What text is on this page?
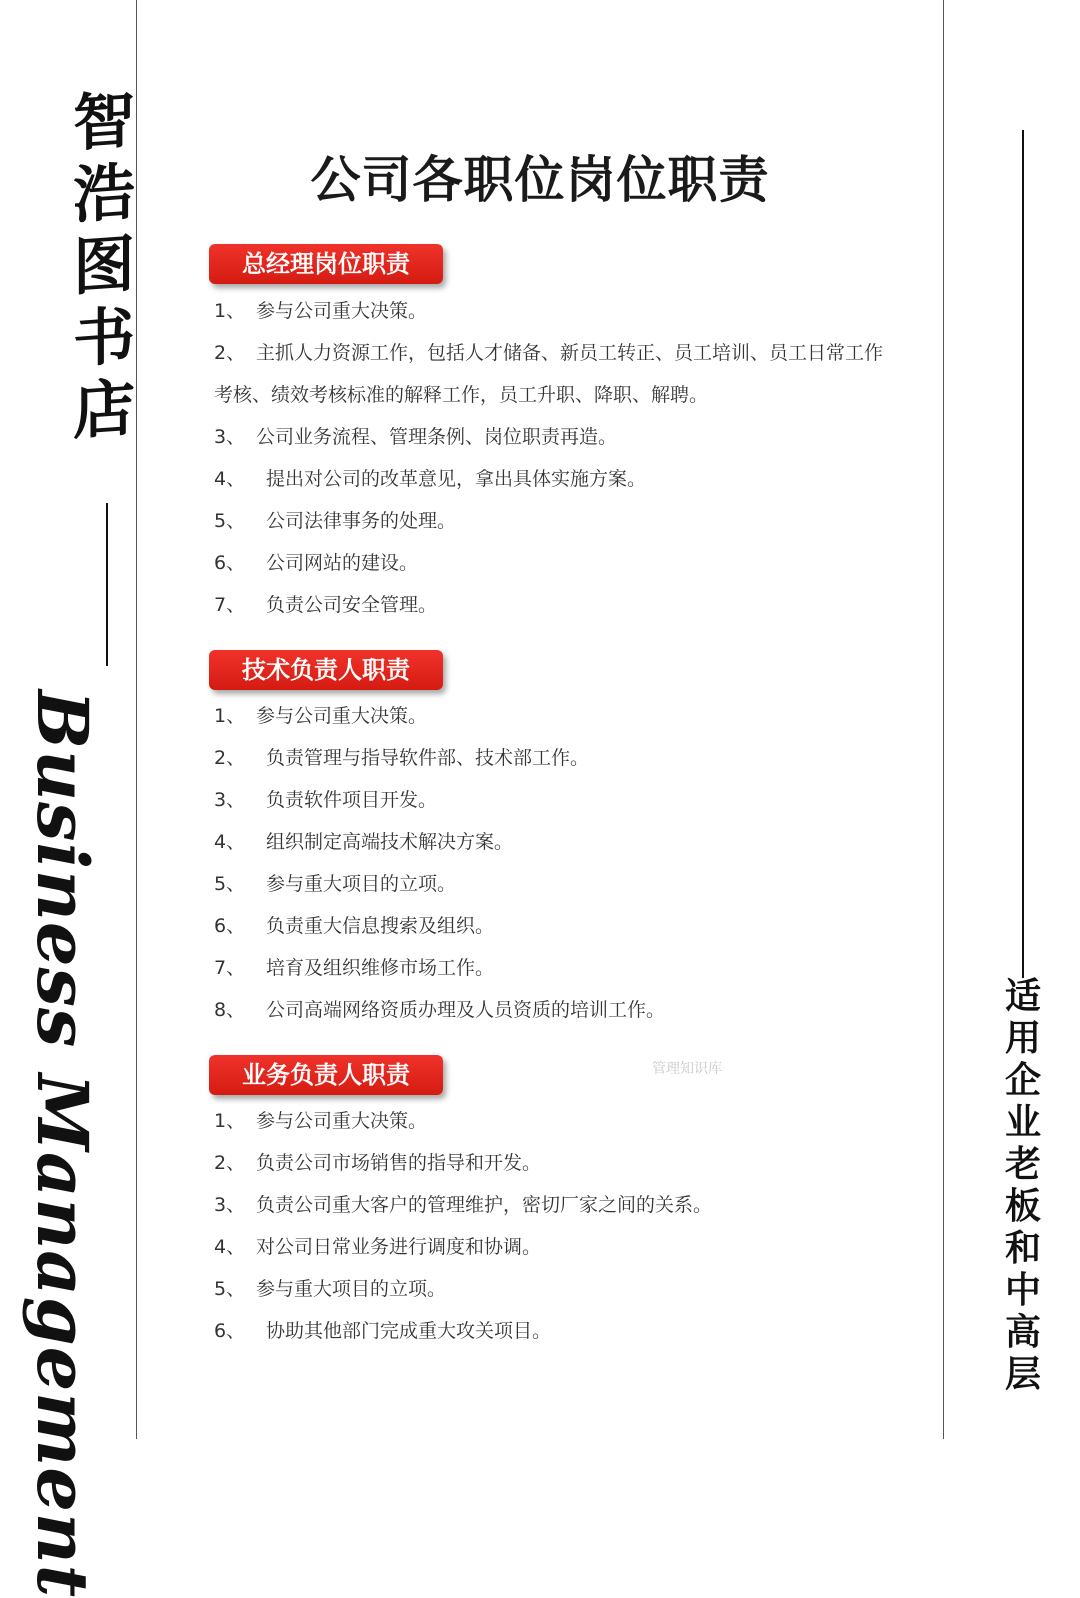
智
浩
图
书
店
Business Management	适
用
企
业
老
板
和
中
高
层
公司各职位岗位职责
总经理岗位职责
1、 参与公司重大决策。
2、 主抓人力资源工作，包括人才储备、新员工转正、员工培训、员工日常工作考核、绩效考核标准的解释工作，员工升职、降职、解聘。
3、 公司业务流程、管理条例、岗位职责再造。
4、 提出对公司的改革意见，拿出具体实施方案。
5、 公司法律事务的处理。
6、 公司网站的建设。
7、 负责公司安全管理。
技术负责人职责
1、 参与公司重大决策。
2、 负责管理与指导软件部、技术部工作。
3、 负责软件项目开发。
4、 组织制定高端技术解决方案。
5、 参与重大项目的立项。
6、 负责重大信息搜索及组织。
7、 培育及组织维修市场工作。
8、 公司高端网络资质办理及人员资质的培训工作。
业务负责人职责	管理知识库
1、 参与公司重大决策。
2、 负责公司市场销售的指导和开发。
3、 负责公司重大客户的管理维护，密切厂家之间的关系。
4、 对公司日常业务进行调度和协调。
5、 参与重大项目的立项。
6、 协助其他部门完成重大攻关项目。
